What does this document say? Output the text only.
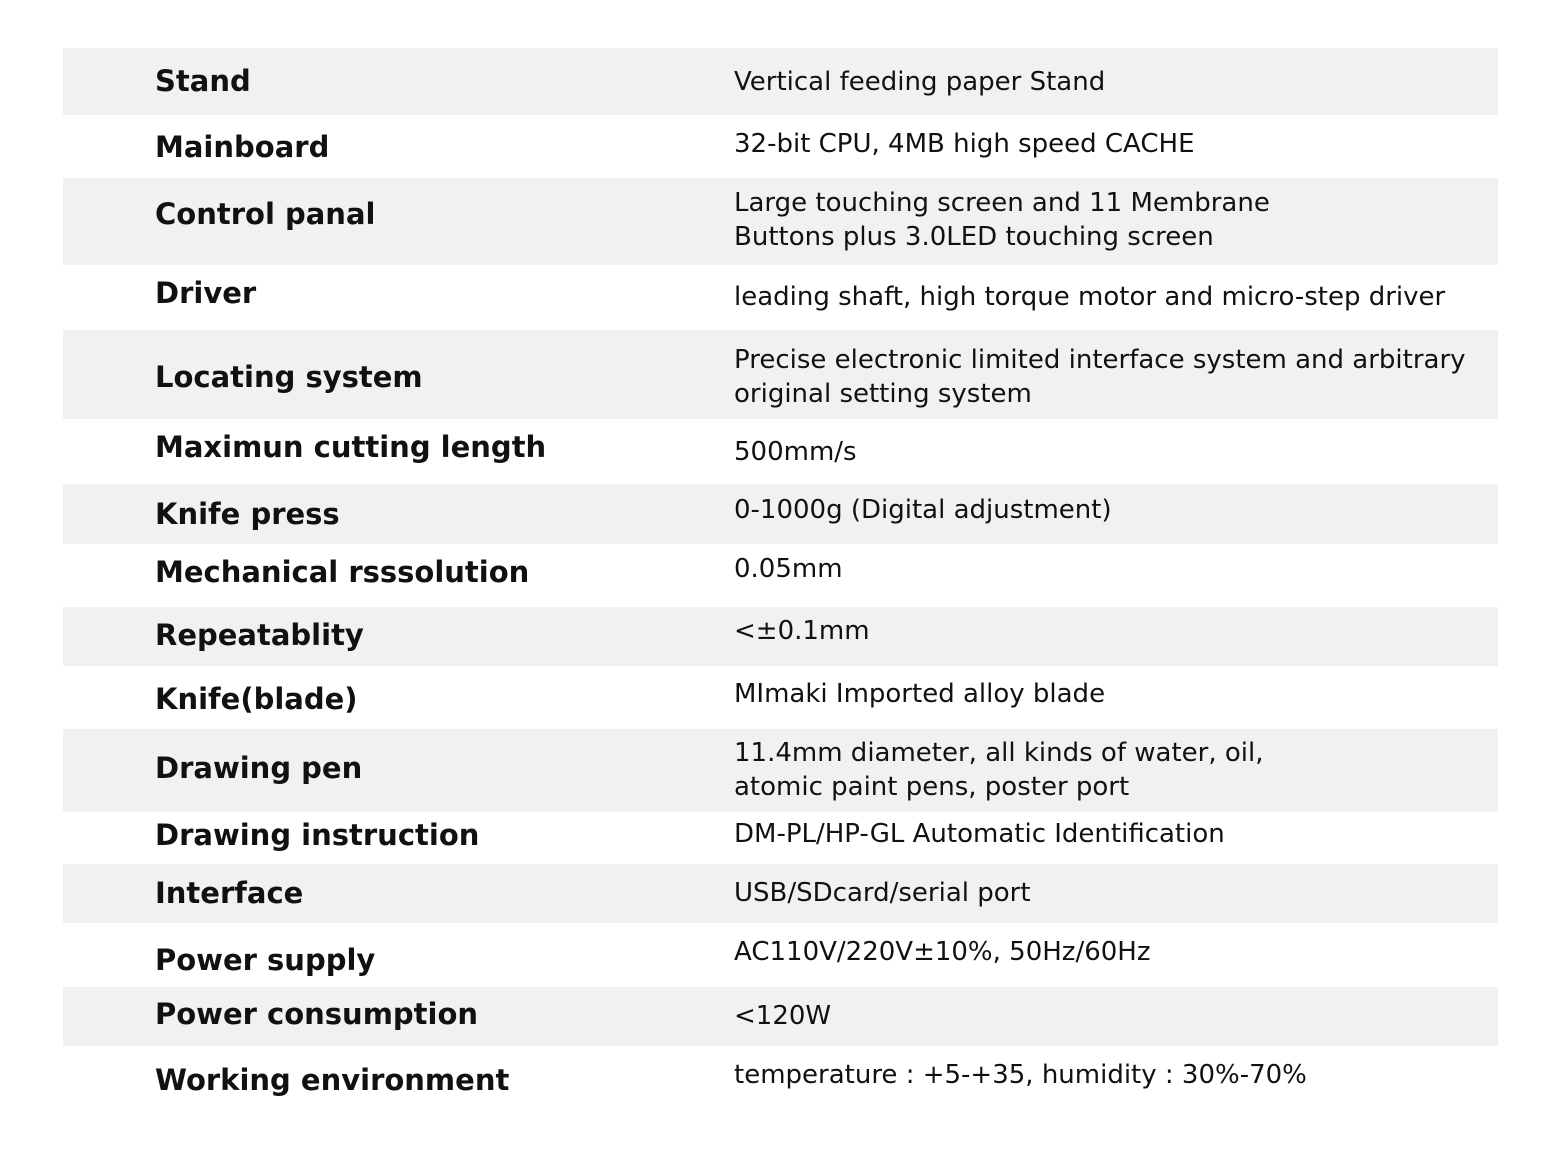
Stand	Vertical feeding paper Stand
Mainboard	32-bit CPU, 4MB high speed CACHE
Control panal	Large touching screen and 11 Membrane
Buttons plus 3.0LED touching screen
Driver	leading shaft, high torque motor and micro-step driver
Locating system	Precise electronic limited interface system and arbitrary
original setting system
Maximun cutting length	500mm/s
Knife press	0-1000g (Digital adjustment)
Mechanical rsssolution	0.05mm
Repeatablity	<±0.1mm
Knife(blade)	MImaki Imported alloy blade
Drawing pen	11.4mm diameter, all kinds of water, oil,
atomic paint pens, poster port
Drawing instruction	DM-PL/HP-GL Automatic Identification
Interface	USB/SDcard/serial port
Power supply	AC110V/220V±10%, 50Hz/60Hz
Power consumption	<120W
Working environment	temperature : +5-+35, humidity : 30%-70%
